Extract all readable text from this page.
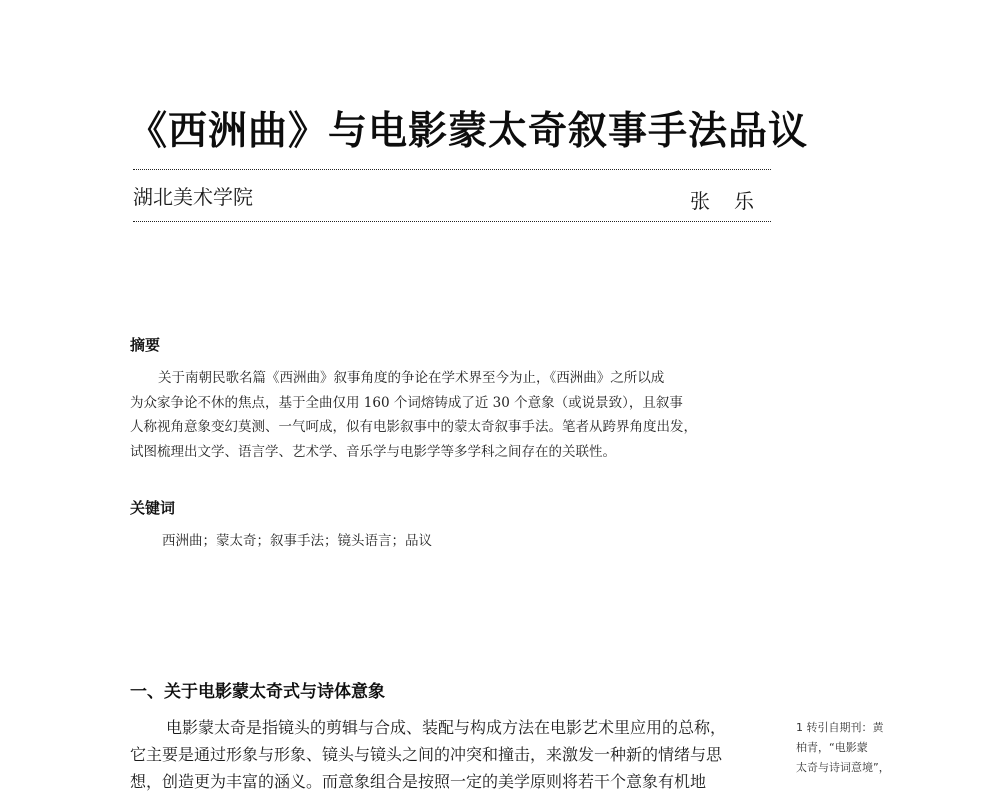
《西洲曲》与电影蒙太奇叙事手法品议
湖北美术学院	张乐
摘要
关于南朝民歌名篇《西洲曲》叙事角度的争论在学术界至今为止，《西洲曲》之所以成
为众家争论不休的焦点，基于全曲仅用 160 个词熔铸成了近 30 个意象（或说景致），且叙事
人称视角意象变幻莫测、一气呵成，似有电影叙事中的蒙太奇叙事手法。笔者从跨界角度出发，
试图梳理出文学、语言学、艺术学、音乐学与电影学等多学科之间存在的关联性。
关键词
西洲曲；蒙太奇；叙事手法；镜头语言；品议
一、关于电影蒙太奇式与诗体意象
电影蒙太奇是指镜头的剪辑与合成、装配与构成方法在电影艺术里应用的总称，
它主要是通过形象与形象、镜头与镜头之间的冲突和撞击，来激发一种新的情绪与思
想，创造更为丰富的涵义。而意象组合是按照一定的美学原则将若干个意象有机地
1 转引自期刊：黄
柏青，“电影蒙
太奇与诗词意境”，
